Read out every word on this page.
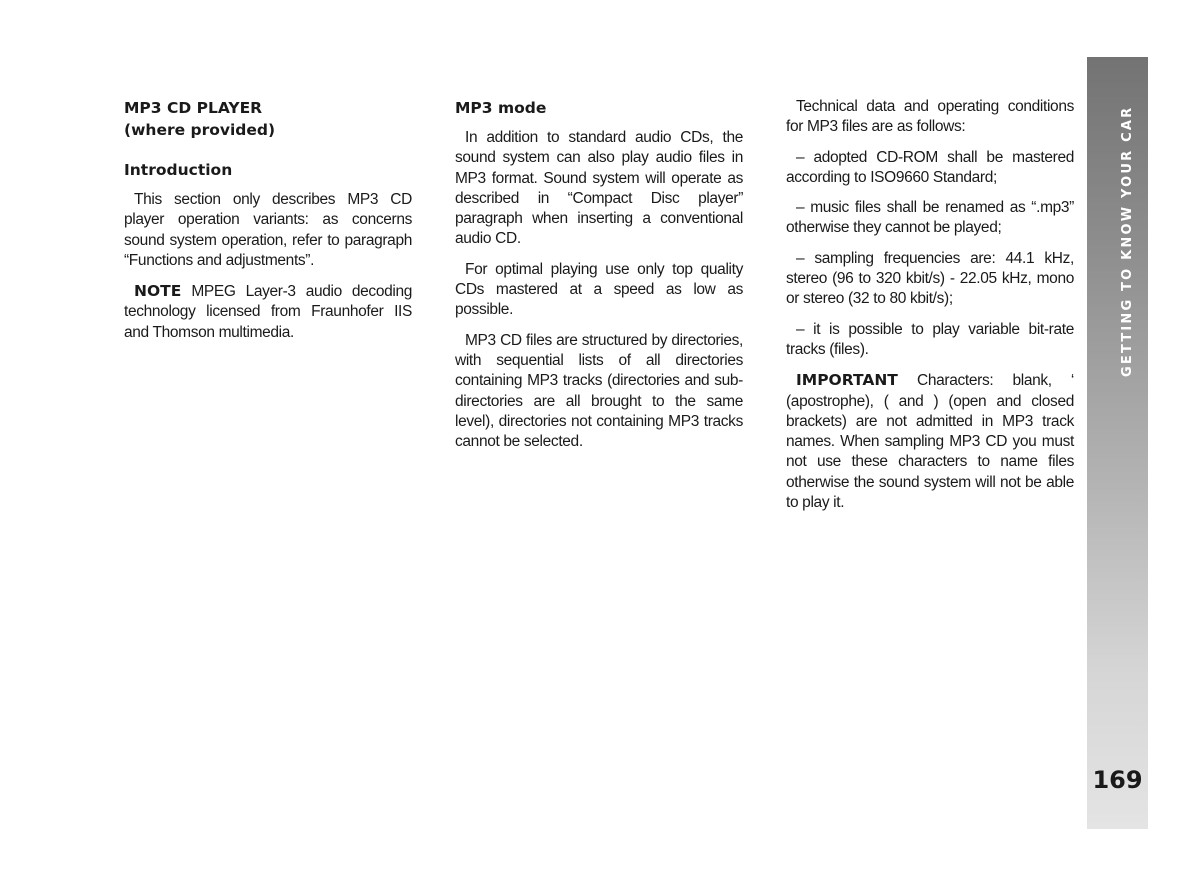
MP3 CD PLAYER
(where provided)
Introduction

This section only describes MP3 CD player operation variants: as concerns sound system operation, refer to paragraph “Functions and adjustments”.

NOTE MPEG Layer-3 audio decoding technology licensed from Fraunhofer IIS and Thomson multimedia.

MP3 mode

In addition to standard audio CDs, the sound system can also play audio files in MP3 format. Sound system will operate as described in “Compact Disc player” paragraph when inserting a conventional audio CD.

For optimal playing use only top quality CDs mastered at a speed as low as possible.

MP3 CD files are structured by directories, with sequential lists of all directories containing MP3 tracks (directories and sub-directories are all brought to the same level), directories not containing MP3 tracks cannot be selected.

Technical data and operating conditions for MP3 files are as follows:

– adopted CD-ROM shall be mastered according to ISO9660 Standard;

– music files shall be renamed as “.mp3” otherwise they cannot be played;

– sampling frequencies are: 44.1 kHz, stereo (96 to 320 kbit/s) - 22.05 kHz, mono or stereo (32 to 80 kbit/s);

– it is possible to play variable bit-rate tracks (files).

IMPORTANT Characters: blank, ‘ (apostrophe), ( and ) (open and closed brackets) are not admitted in MP3 track names. When sampling MP3 CD you must not use these characters to name files otherwise the sound system will not be able to play it.

GETTING TO KNOW YOUR CAR
169
